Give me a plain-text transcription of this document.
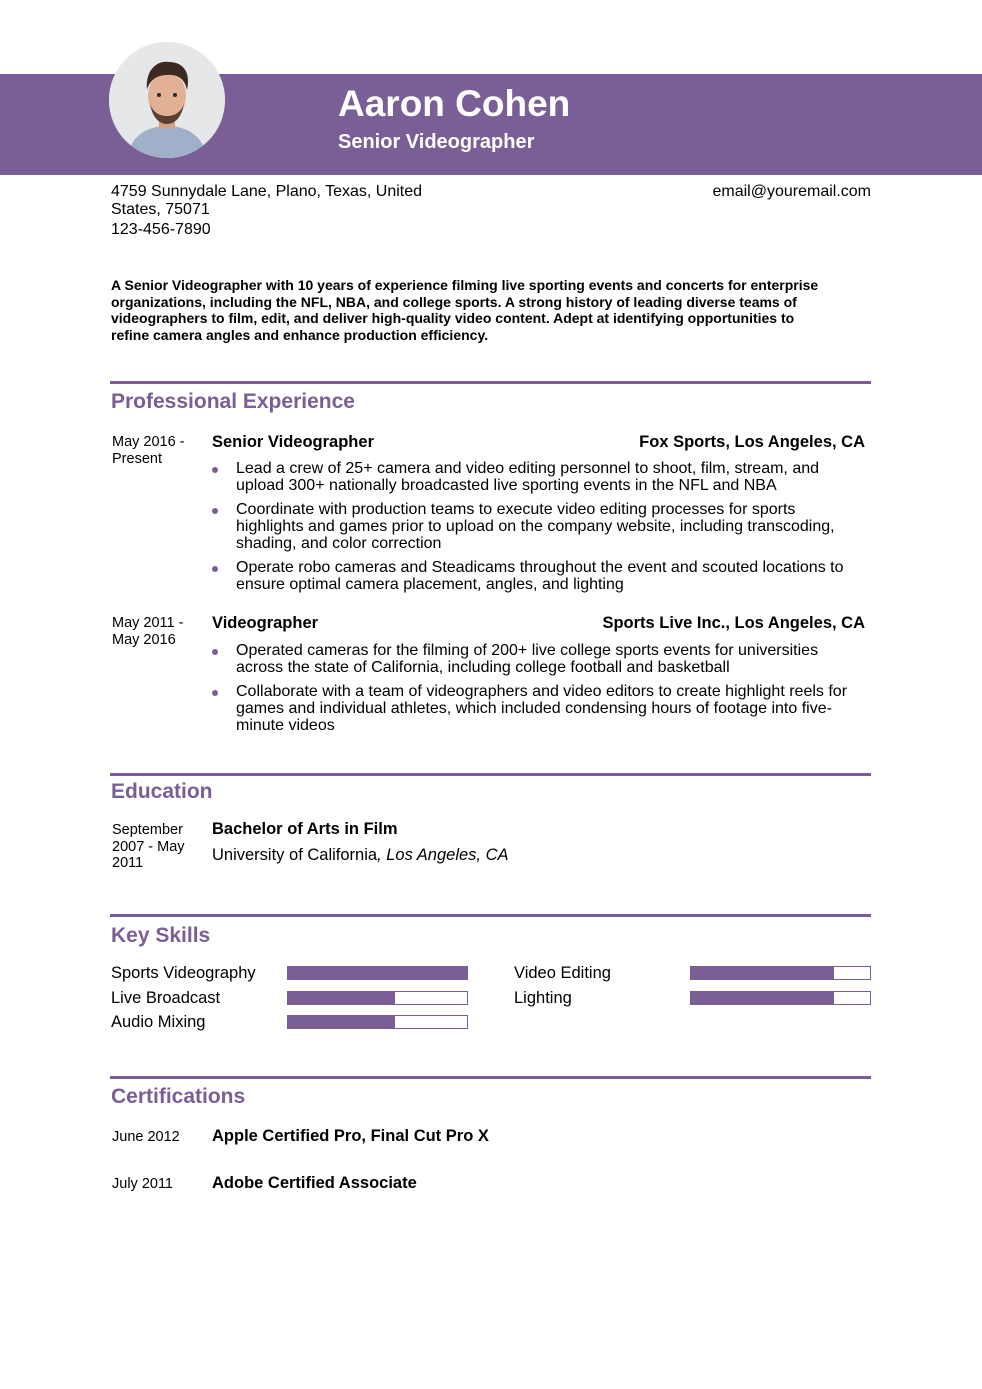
Aaron Cohen
Senior Videographer
4759 Sunnydale Lane, Plano, Texas, United States, 75071
123-456-7890
email@youremail.com
A Senior Videographer with 10 years of experience filming live sporting events and concerts for enterprise organizations, including the NFL, NBA, and college sports. A strong history of leading diverse teams of videographers to film, edit, and deliver high-quality video content. Adept at identifying opportunities to refine camera angles and enhance production efficiency.
Professional Experience
May 2016 - Present
Senior Videographer	Fox Sports, Los Angeles, CA
Lead a crew of 25+ camera and video editing personnel to shoot, film, stream, and upload 300+ nationally broadcasted live sporting events in the NFL and NBA
Coordinate with production teams to execute video editing processes for sports highlights and games prior to upload on the company website, including transcoding, shading, and color correction
Operate robo cameras and Steadicams throughout the event and scouted locations to ensure optimal camera placement, angles, and lighting
May 2011 - May 2016
Videographer	Sports Live Inc., Los Angeles, CA
Operated cameras for the filming of 200+ live college sports events for universities across the state of California, including college football and basketball
Collaborate with a team of videographers and video editors to create highlight reels for games and individual athletes, which included condensing hours of footage into five-minute videos
Education
September 2007 - May 2011
Bachelor of Arts in Film
University of California, Los Angeles, CA
Key Skills
Sports Videography
Live Broadcast
Audio Mixing
Video Editing
Lighting
Certifications
June 2012 Apple Certified Pro, Final Cut Pro X
July 2011 Adobe Certified Associate
